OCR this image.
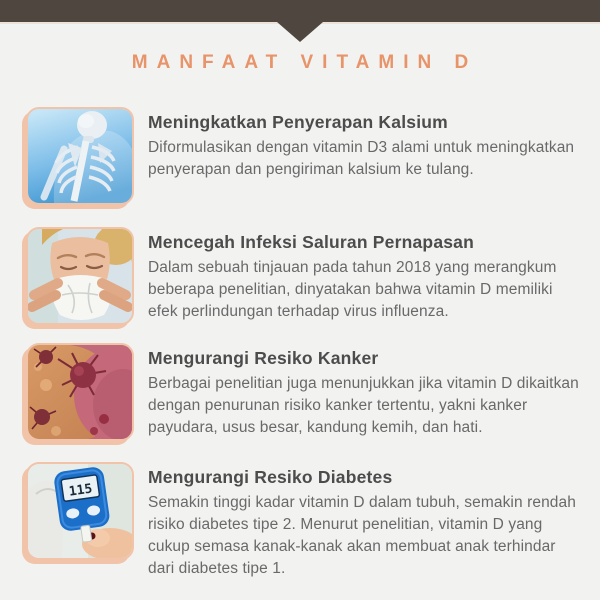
MANFAAT VITAMIN D

Meningkatkan Penyerapan Kalsium

Diformulasikan dengan vitamin D3 alami untuk meningkatkan penyerapan dan pengiriman kalsium ke tulang.

Mencegah Infeksi Saluran Pernapasan

Dalam sebuah tinjauan pada tahun 2018 yang merangkum beberapa penelitian, dinyatakan bahwa vitamin D memiliki efek perlindungan terhadap virus influenza.

Mengurangi Resiko Kanker

Berbagai penelitian juga menunjukkan jika vitamin D dikaitkan dengan penurunan risiko kanker tertentu, yakni kanker payudara, usus besar, kandung kemih, dan hati.

115

Mengurangi Resiko Diabetes

Semakin tinggi kadar vitamin D dalam tubuh, semakin rendah risiko diabetes tipe 2. Menurut penelitian, vitamin D yang cukup semasa kanak-kanak akan membuat anak terhindar dari diabetes tipe 1.
